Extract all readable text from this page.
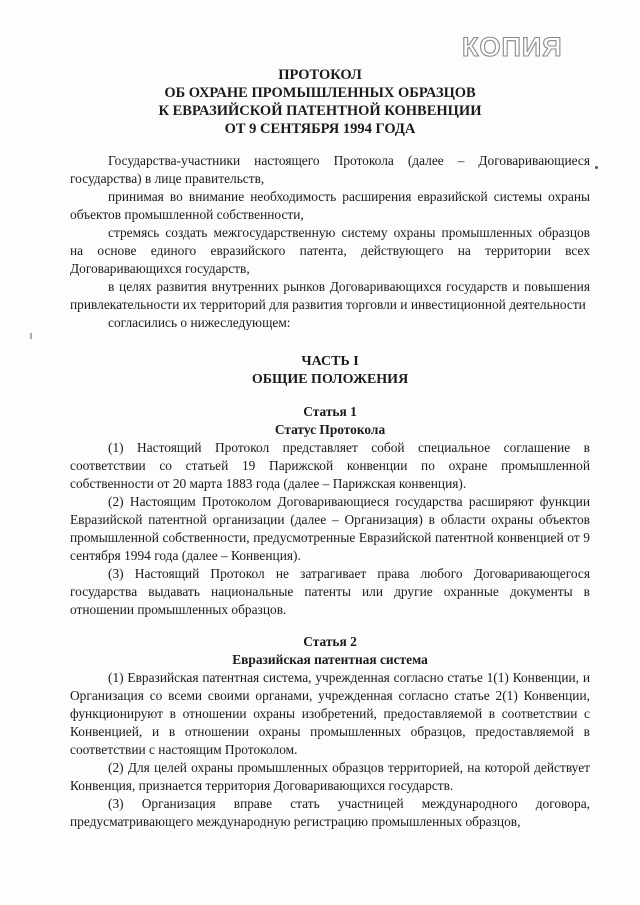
КОПИЯ
ПРОТОКОЛ
ОБ ОХРАНЕ ПРОМЫШЛЕННЫХ ОБРАЗЦОВ
К ЕВРАЗИЙСКОЙ ПАТЕНТНОЙ КОНВЕНЦИИ
ОТ 9 СЕНТЯБРЯ 1994 ГОДА

Государства-участники настоящего Протокола (далее – Договаривающиеся государства) в лице правительств,

принимая во внимание необходимость расширения евразийской системы охраны объектов промышленной собственности,

стремясь создать межгосударственную систему охраны промышленных образцов на основе единого евразийского патента, действующего на территории всех Договаривающихся государств,

в целях развития внутренних рынков Договаривающихся государств и повышения привлекательности их территорий для развития торговли и инвестиционной деятельности

согласились о нижеследующем:

ЧАСТЬ I

ОБЩИЕ ПОЛОЖЕНИЯ

Статья 1

Статус Протокола

(1) Настоящий Протокол представляет собой специальное соглашение в соответствии со статьей 19 Парижской конвенции по охране промышленной собственности от 20 марта 1883 года (далее – Парижская конвенция).

(2) Настоящим Протоколом Договаривающиеся государства расширяют функции Евразийской патентной организации (далее – Организация) в области охраны объектов промышленной собственности, предусмотренные Евразийской патентной конвенцией от 9 сентября 1994 года (далее – Конвенция).

(3) Настоящий Протокол не затрагивает права любого Договаривающегося государства выдавать национальные патенты или другие охранные документы в отношении промышленных образцов.

Статья 2

Евразийская патентная система

(1) Евразийская патентная система, учрежденная согласно статье 1(1) Конвенции, и Организация со всеми своими органами, учрежденная согласно статье 2(1) Конвенции, функционируют в отношении охраны изобретений, предоставляемой в соответствии с Конвенцией, и в отношении охраны промышленных образцов, предоставляемой в соответствии с настоящим Протоколом.

(2) Для целей охраны промышленных образцов территорией, на которой действует Конвенция, признается территория Договаривающихся государств.

(3) Организация вправе стать участницей международного договора, предусматривающего международную регистрацию промышленных образцов,
